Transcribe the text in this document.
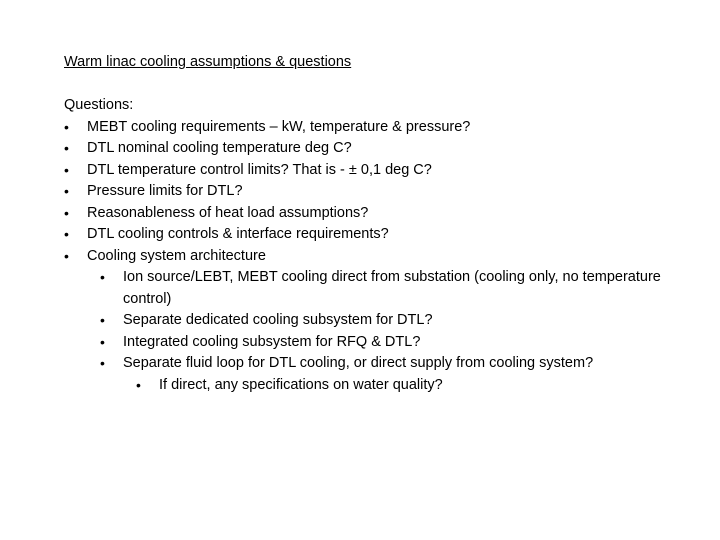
Warm linac cooling assumptions & questions
Questions:
•	MEBT cooling requirements – kW, temperature & pressure?
•	DTL nominal cooling temperature deg C?
•	DTL temperature control limits? That is - ± 0,1 deg C?
•	Pressure limits for DTL?
•	Reasonableness of heat load assumptions?
•	DTL cooling controls & interface requirements?
•	Cooling system architecture
•	Ion source/LEBT, MEBT cooling direct from substation (cooling only, no temperature control)
•	Separate dedicated cooling subsystem for DTL?
•	Integrated cooling subsystem for RFQ & DTL?
•	Separate fluid loop for DTL cooling, or direct supply from cooling system?
•	If direct, any specifications on water quality?
